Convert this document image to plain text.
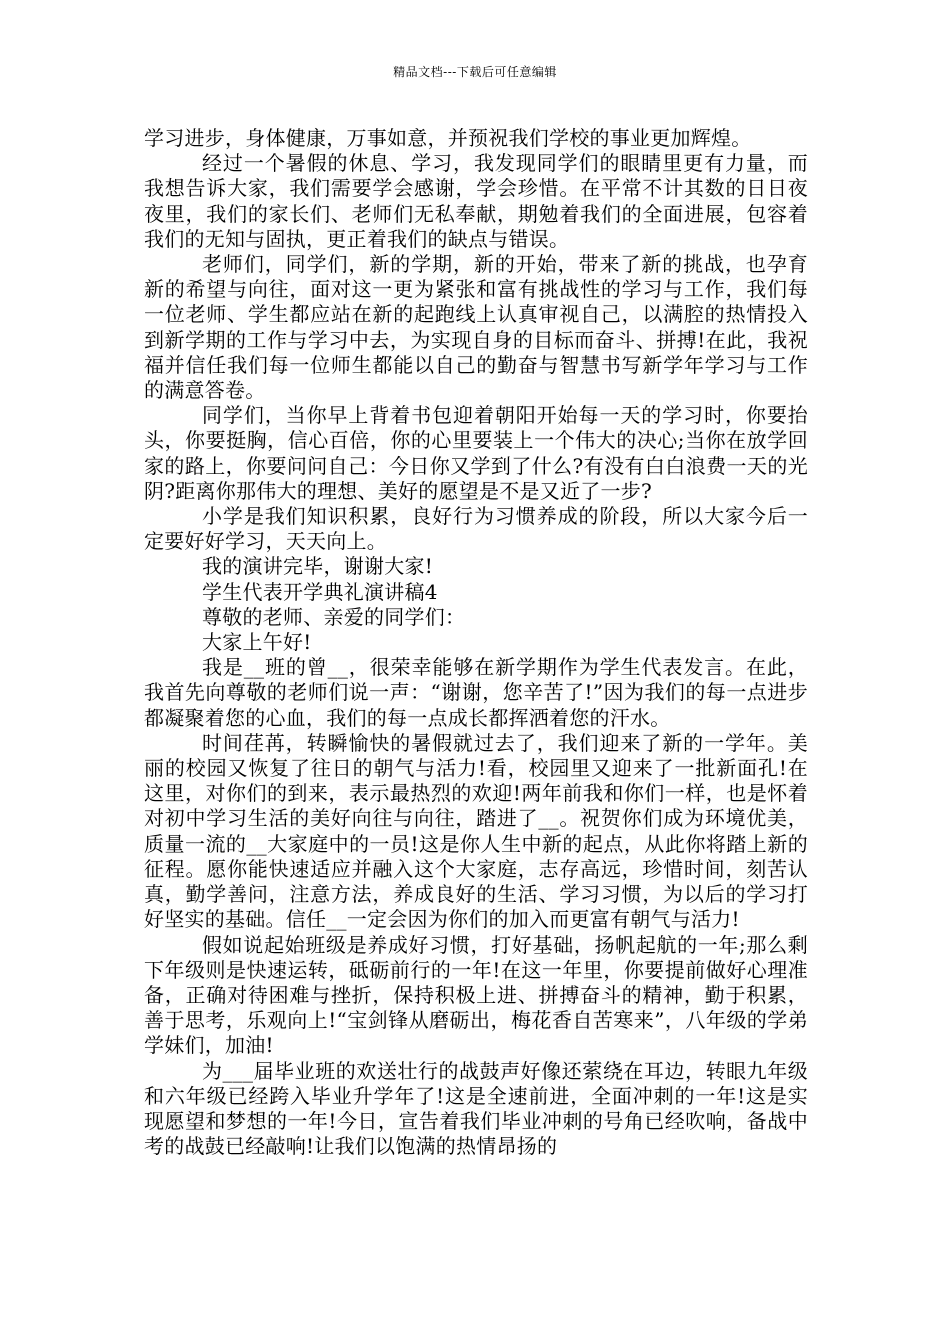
精品文档---下载后可任意编辑

学习进步，身体健康，万事如意，并预祝我们学校的事业更加辉煌。

经过一个暑假的休息、学习，我发现同学们的眼睛里更有力量，而我想告诉大家，我们需要学会感谢，学会珍惜。在平常不计其数的日日夜夜里，我们的家长们、老师们无私奉献，期勉着我们的全面进展，包容着我们的无知与固执，更正着我们的缺点与错误。

老师们，同学们，新的学期，新的开始，带来了新的挑战，也孕育新的希望与向往，面对这一更为紧张和富有挑战性的学习与工作，我们每一位老师、学生都应站在新的起跑线上认真审视自己，以满腔的热情投入到新学期的工作与学习中去，为实现自身的目标而奋斗、拼搏!在此，我祝福并信任我们每一位师生都能以自己的勤奋与智慧书写新学年学习与工作的满意答卷。

同学们，当你早上背着书包迎着朝阳开始每一天的学习时，你要抬头，你要挺胸，信心百倍，你的心里要装上一个伟大的决心;当你在放学回家的路上，你要问问自己：今日你又学到了什么?有没有白白浪费一天的光阴?距离你那伟大的理想、美好的愿望是不是又近了一步?

小学是我们知识积累，良好行为习惯养成的阶段，所以大家今后一定要好好学习，天天向上。

我的演讲完毕，谢谢大家!

学生代表开学典礼演讲稿4

尊敬的老师、亲爱的同学们：

大家上午好!

我是__班的曾__，很荣幸能够在新学期作为学生代表发言。在此，我首先向尊敬的老师们说一声：“谢谢，您辛苦了!”因为我们的每一点进步都凝聚着您的心血，我们的每一点成长都挥洒着您的汗水。

时间荏苒，转瞬愉快的暑假就过去了，我们迎来了新的一学年。美丽的校园又恢复了往日的朝气与活力!看，校园里又迎来了一批新面孔!在这里，对你们的到来，表示最热烈的欢迎!两年前我和你们一样，也是怀着对初中学习生活的美好向往与向往，踏进了__。祝贺你们成为环境优美，质量一流的__大家庭中的一员!这是你人生中新的起点，从此你将踏上新的征程。愿你能快速适应并融入这个大家庭，志存高远，珍惜时间，刻苦认真，勤学善问，注意方法，养成良好的生活、学习习惯，为以后的学习打好坚实的基础。信任__一定会因为你们的加入而更富有朝气与活力!

假如说起始班级是养成好习惯，打好基础，扬帆起航的一年;那么剩下年级则是快速运转，砥砺前行的一年!在这一年里，你要提前做好心理准备，正确对待困难与挫折，保持积极上进、拼搏奋斗的精神，勤于积累，善于思考，乐观向上!“宝剑锋从磨砺出，梅花香自苦寒来”，八年级的学弟学妹们，加油!

为___届毕业班的欢送壮行的战鼓声好像还萦绕在耳边，转眼九年级和六年级已经跨入毕业升学年了!这是全速前进，全面冲刺的一年!这是实现愿望和梦想的一年!今日，宣告着我们毕业冲刺的号角已经吹响，备战中考的战鼓已经敲响!让我们以饱满的热情昂扬的
